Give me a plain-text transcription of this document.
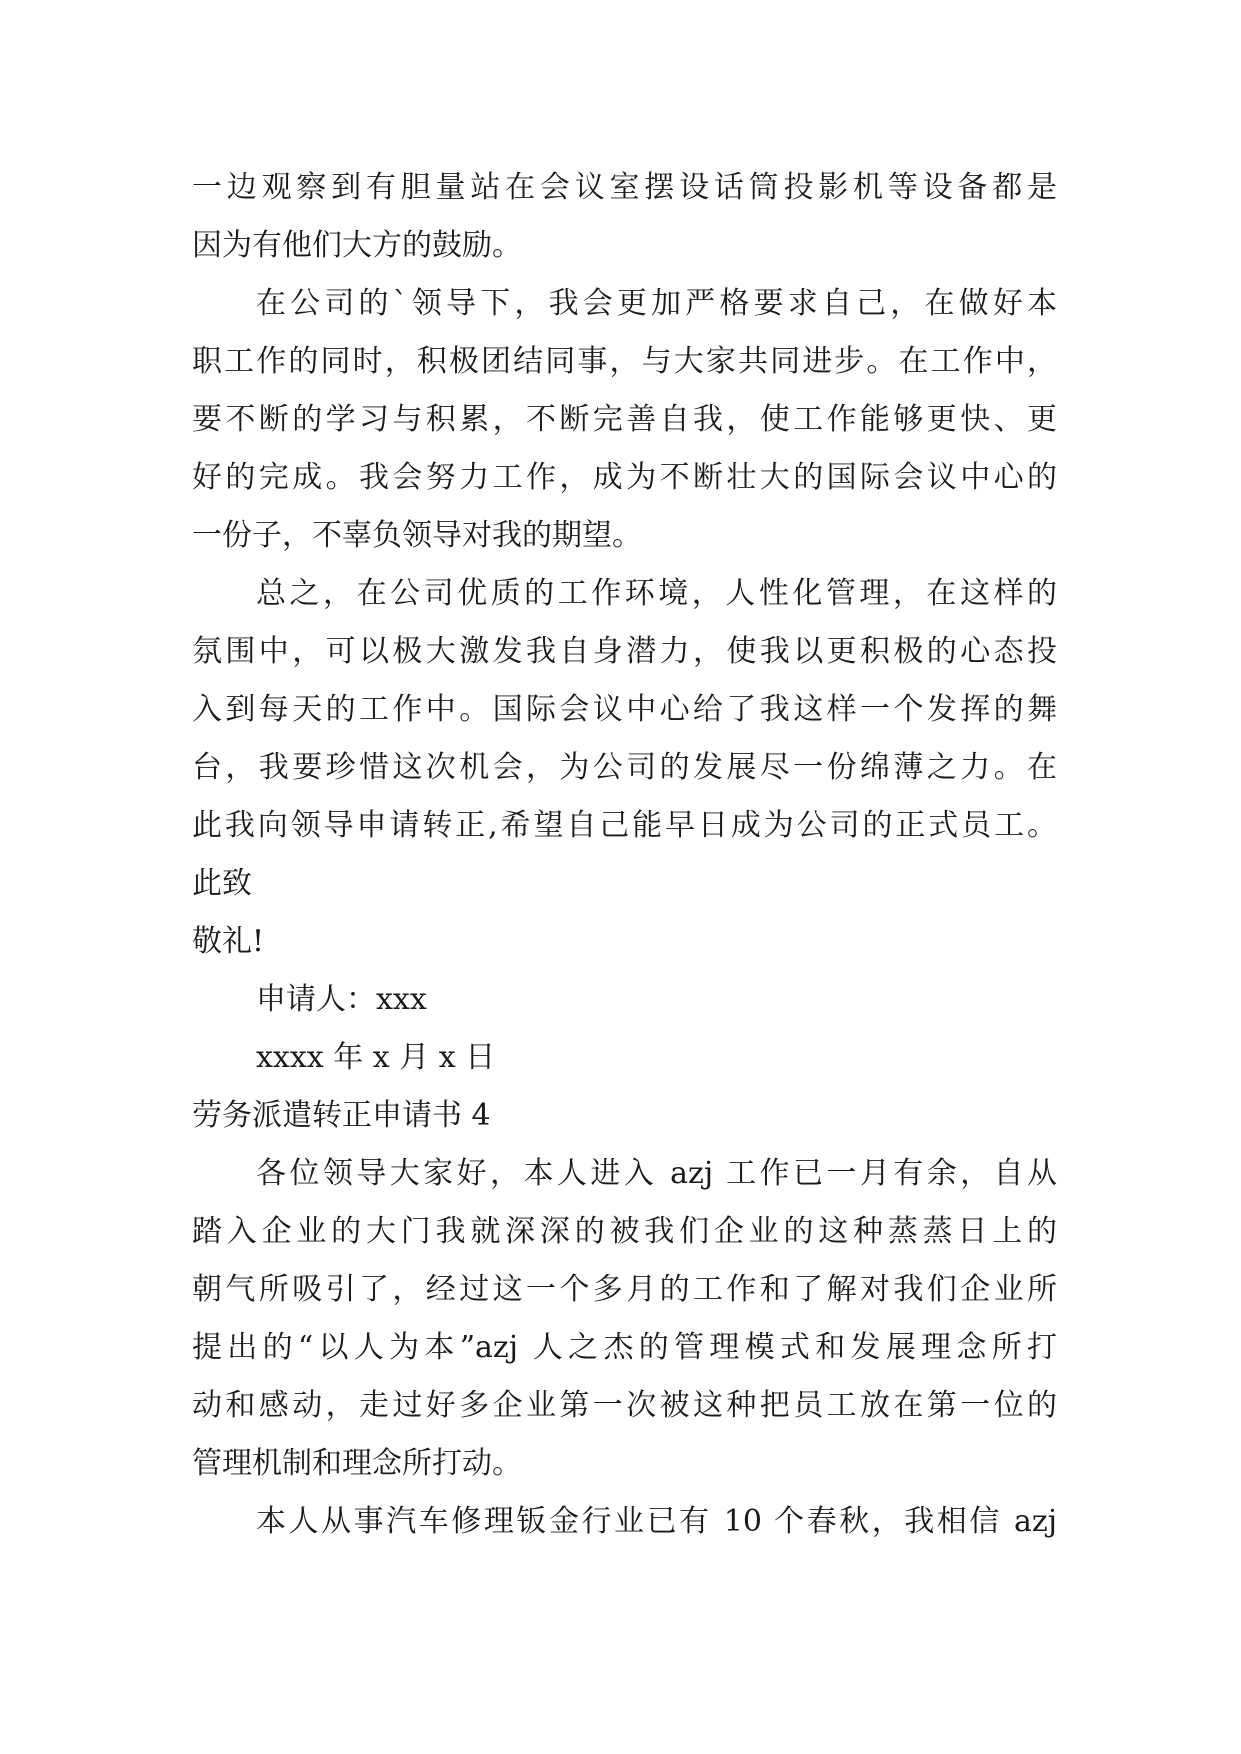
一边观察到有胆量站在会议室摆设话筒投影机等设备都是
因为有他们大方的鼓励。
在公司的`领导下，我会更加严格要求自己，在做好本
职工作的同时，积极团结同事，与大家共同进步。在工作中，
要不断的学习与积累，不断完善自我，使工作能够更快、更
好的完成。我会努力工作，成为不断壮大的国际会议中心的
一份子，不辜负领导对我的期望。
总之，在公司优质的工作环境，人性化管理，在这样的
氛围中，可以极大激发我自身潜力，使我以更积极的心态投
入到每天的工作中。国际会议中心给了我这样一个发挥的舞
台，我要珍惜这次机会，为公司的发展尽一份绵薄之力。在
此我向领导申请转正,希望自己能早日成为公司的正式员工。
此致
敬礼!
申请人：xxx
xxxx 年 x 月 x 日
劳务派遣转正申请书 4
各位领导大家好，本人进入 azj 工作已一月有余，自从
踏入企业的大门我就深深的被我们企业的这种蒸蒸日上的
朝气所吸引了，经过这一个多月的工作和了解对我们企业所
提出的“以人为本”azj 人之杰的管理模式和发展理念所打
动和感动，走过好多企业第一次被这种把员工放在第一位的
管理机制和理念所打动。
本人从事汽车修理钣金行业已有 10 个春秋，我相信 azj
